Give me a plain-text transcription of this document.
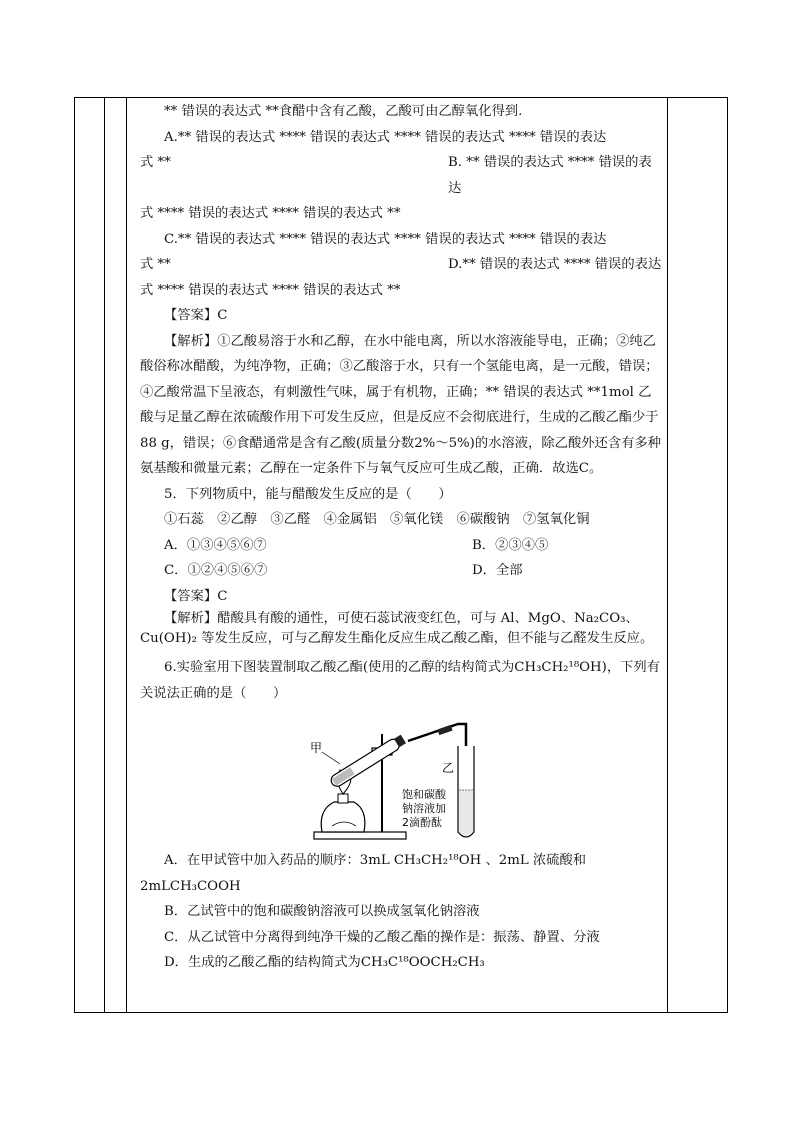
** 错误的表达式 **食醋中含有乙酸，乙酸可由乙醇氧化得到.

A.** 错误的表达式 **** 错误的表达式 **** 错误的表达式 **** 错误的表达

式 **	B. ** 错误的表达式 **** 错误的表达

式 **** 错误的表达式 **** 错误的表达式 **

C.** 错误的表达式 **** 错误的表达式 **** 错误的表达式 **** 错误的表达

式 **	D.** 错误的表达式 **** 错误的表达

式 **** 错误的表达式 **** 错误的表达式 **

【答案】C

【解析】①乙酸易溶于水和乙醇，在水中能电离，所以水溶液能导电，正确；②纯乙酸俗称冰醋酸，为纯净物，正确；③乙酸溶于水，只有一个氢能电离，是一元酸，错误；④乙酸常温下呈液态，有刺激性气味，属于有机物，正确；** 错误的表达式 **1mol 乙酸与足量乙醇在浓硫酸作用下可发生反应，但是反应不会彻底进行，生成的乙酸乙酯少于88 g，错误；⑥食醋通常是含有乙酸(质量分数2%～5%)的水溶液，除乙酸外还含有多种氨基酸和微量元素；乙醇在一定条件下与氧气反应可生成乙酸，正确．故选C。

5．下列物质中，能与醋酸发生反应的是（　　）

①石蕊　②乙醇　③乙醛　④金属铝　⑤氧化镁　⑥碳酸钠　⑦氢氧化铜

A．①③④⑤⑥⑦	B．②③④⑤

C．①②④⑤⑥⑦	D．全部

【答案】C

【解析】醋酸具有酸的通性，可使石蕊试液变红色，可与 Al、MgO、Na₂CO₃、Cu(OH)₂ 等发生反应，可与乙醇发生酯化反应生成乙酸乙酯，但不能与乙醛发生反应。

6.实验室用下图装置制取乙酸乙酯(使用的乙醇的结构简式为CH₃CH₂¹⁸OH)，下列有关说法正确的是（　　）

甲
乙
饱和碳酸
钠溶液加
2滴酚酞

A．在甲试管中加入药品的顺序：3mL CH₃CH₂¹⁸OH 、2mL 浓硫酸和

2mLCH₃COOH

B．乙试管中的饱和碳酸钠溶液可以换成氢氧化钠溶液

C．从乙试管中分离得到纯净干燥的乙酸乙酯的操作是：振荡、静置、分液

D．生成的乙酸乙酯的结构简式为CH₃C¹⁸OOCH₂CH₃
